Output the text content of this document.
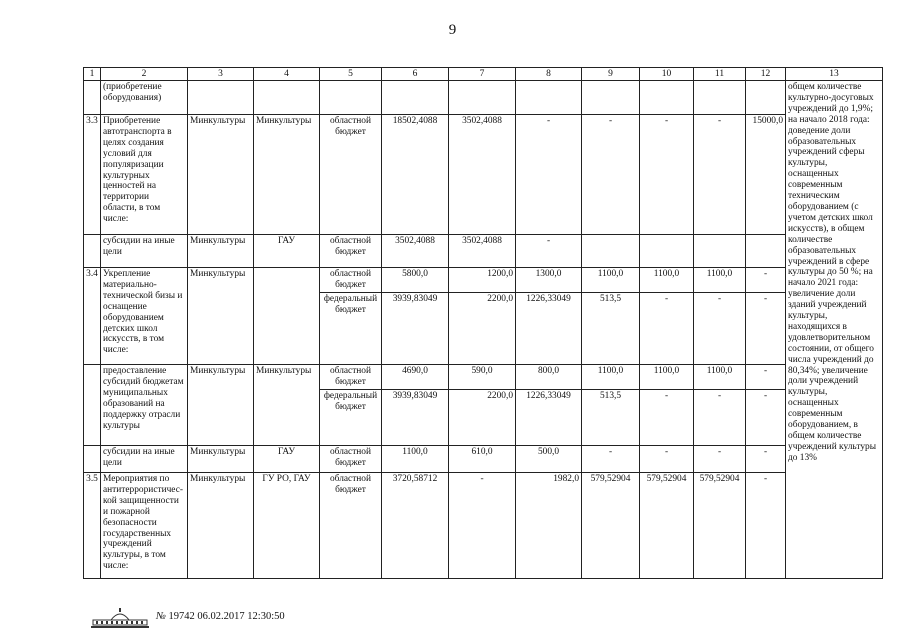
9
1	2	3	4	5	6	7	8	9	10	11	12	13
	(приобретение оборудования)											общем количестве культурно-досуговых учреждений до 1,9%; на начало 2018 года: доведение доли образовательных учреждений сферы культуры, оснащенных современным техническим оборудованием (с учетом детских школ искусств), в общем количестве образовательных учреждений в сфере культуры до 50 %; на начало 2021 года: увеличение доли зданий учреждений культуры, находящихся в удовлетворительном состоянии, от общего числа учреждений до 80,34%; увеличение доли учреждений культуры, оснащенных современным оборудованием, в общем количестве учреждений культуры до 13%
3.3	Приобретение автотранспорта в целях создания условий для популяризации культурных ценностей на территории области, в том числе:	Минкультуры	Минкультуры	областной бюджет	18502,4088	3502,4088	-	-	-	-	15000,0	
	субсидии на иные цели	Минкультуры	ГАУ	областной бюджет	3502,4088	3502,4088	-					
3.4	Укрепление материально-технической бизы и оснащение оборудованием детских школ искусств, в том числе:	Минкультуры		областной бюджет	5800,0	1200,0	1300,0	1100,0	1100,0	1100,0	-	
				федеральный бюджет	3939,83049	2200,0	1226,33049	513,5	-	-	-	
	предоставление субсидий бюджетам муниципальных образований на поддержку отрасли культуры	Минкультуры	Минкультуры	областной бюджет	4690,0	590,0	800,0	1100,0	1100,0	1100,0	-	
				федеральный бюджет	3939,83049	2200,0	1226,33049	513,5	-	-	-	
	субсидии на иные цели	Минкультуры	ГАУ	областной бюджет	1100,0	610,0	500,0	-	-	-	-	
3.5	Мероприятия по антитеррористичес-кой защищенности и пожарной безопасности государственных учреждений культуры, в том числе:	Минкультуры	ГУ РО, ГАУ	областной бюджет	3720,58712	-	1982,0	579,52904	579,52904	579,52904	-	
№ 19742 06.02.2017 12:30:50
